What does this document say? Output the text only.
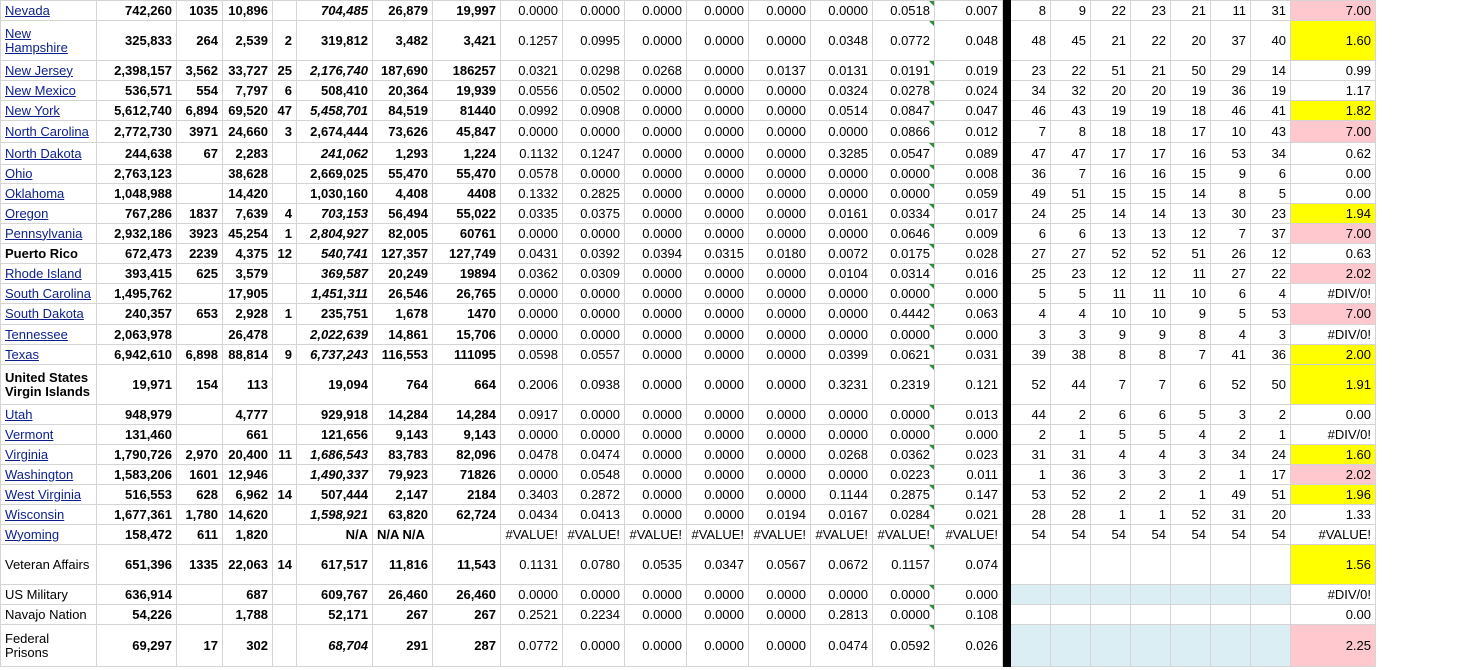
Nevada	742,260	1035	10,896		704,485	26,879	19,997	0.0000	0.0000	0.0000	0.0000	0.0000	0.0000	0.0518	0.007		8	9	22	23	21	11	31	7.00
New Hampshire	325,833	264	2,539	2	319,812	3,482	3,421	0.1257	0.0995	0.0000	0.0000	0.0000	0.0348	0.0772	0.048		48	45	21	22	20	37	40	1.60
New Jersey	2,398,157	3,562	33,727	25	2,176,740	187,690	186257	0.0321	0.0298	0.0268	0.0000	0.0137	0.0131	0.0191	0.019		23	22	51	21	50	29	14	0.99
New Mexico	536,571	554	7,797	6	508,410	20,364	19,939	0.0556	0.0502	0.0000	0.0000	0.0000	0.0324	0.0278	0.024		34	32	20	20	19	36	19	1.17
New York	5,612,740	6,894	69,520	47	5,458,701	84,519	81440	0.0992	0.0908	0.0000	0.0000	0.0000	0.0514	0.0847	0.047		46	43	19	19	18	46	41	1.82
North Carolina	2,772,730	3971	24,660	3	2,674,444	73,626	45,847	0.0000	0.0000	0.0000	0.0000	0.0000	0.0000	0.0866	0.012		7	8	18	18	17	10	43	7.00
North Dakota	244,638	67	2,283		241,062	1,293	1,224	0.1132	0.1247	0.0000	0.0000	0.0000	0.3285	0.0547	0.089		47	47	17	17	16	53	34	0.62
Ohio	2,763,123		38,628		2,669,025	55,470	55,470	0.0578	0.0000	0.0000	0.0000	0.0000	0.0000	0.0000	0.008		36	7	16	16	15	9	6	0.00
Oklahoma	1,048,988		14,420		1,030,160	4,408	4408	0.1332	0.2825	0.0000	0.0000	0.0000	0.0000	0.0000	0.059		49	51	15	15	14	8	5	0.00
Oregon	767,286	1837	7,639	4	703,153	56,494	55,022	0.0335	0.0375	0.0000	0.0000	0.0000	0.0161	0.0334	0.017		24	25	14	14	13	30	23	1.94
Pennsylvania	2,932,186	3923	45,254	1	2,804,927	82,005	60761	0.0000	0.0000	0.0000	0.0000	0.0000	0.0000	0.0646	0.009		6	6	13	13	12	7	37	7.00
Puerto Rico	672,473	2239	4,375	12	540,741	127,357	127,749	0.0431	0.0392	0.0394	0.0315	0.0180	0.0072	0.0175	0.028		27	27	52	52	51	26	12	0.63
Rhode Island	393,415	625	3,579		369,587	20,249	19894	0.0362	0.0309	0.0000	0.0000	0.0000	0.0104	0.0314	0.016		25	23	12	12	11	27	22	2.02
South Carolina	1,495,762		17,905		1,451,311	26,546	26,765	0.0000	0.0000	0.0000	0.0000	0.0000	0.0000	0.0000	0.000		5	5	11	11	10	6	4	#DIV/0!
South Dakota	240,357	653	2,928	1	235,751	1,678	1470	0.0000	0.0000	0.0000	0.0000	0.0000	0.0000	0.4442	0.063		4	4	10	10	9	5	53	7.00
Tennessee	2,063,978		26,478		2,022,639	14,861	15,706	0.0000	0.0000	0.0000	0.0000	0.0000	0.0000	0.0000	0.000		3	3	9	9	8	4	3	#DIV/0!
Texas	6,942,610	6,898	88,814	9	6,737,243	116,553	111095	0.0598	0.0557	0.0000	0.0000	0.0000	0.0399	0.0621	0.031		39	38	8	8	7	41	36	2.00
United States Virgin Islands	19,971	154	113		19,094	764	664	0.2006	0.0938	0.0000	0.0000	0.0000	0.3231	0.2319	0.121		52	44	7	7	6	52	50	1.91
Utah	948,979		4,777		929,918	14,284	14,284	0.0917	0.0000	0.0000	0.0000	0.0000	0.0000	0.0000	0.013		44	2	6	6	5	3	2	0.00
Vermont	131,460		661		121,656	9,143	9,143	0.0000	0.0000	0.0000	0.0000	0.0000	0.0000	0.0000	0.000		2	1	5	5	4	2	1	#DIV/0!
Virginia	1,790,726	2,970	20,400	11	1,686,543	83,783	82,096	0.0478	0.0474	0.0000	0.0000	0.0000	0.0268	0.0362	0.023		31	31	4	4	3	34	24	1.60
Washington	1,583,206	1601	12,946		1,490,337	79,923	71826	0.0000	0.0548	0.0000	0.0000	0.0000	0.0000	0.0223	0.011		1	36	3	3	2	1	17	2.02
West Virginia	516,553	628	6,962	14	507,444	2,147	2184	0.3403	0.2872	0.0000	0.0000	0.0000	0.1144	0.2875	0.147		53	52	2	2	1	49	51	1.96
Wisconsin	1,677,361	1,780	14,620		1,598,921	63,820	62,724	0.0434	0.0413	0.0000	0.0000	0.0194	0.0167	0.0284	0.021		28	28	1	1	52	31	20	1.33
Wyoming	158,472	611	1,820		N/A	N/A N/A		#VALUE!	#VALUE!	#VALUE!	#VALUE!	#VALUE!	#VALUE!	#VALUE!	#VALUE!		54	54	54	54	54	54	54	#VALUE!
Veteran Affairs	651,396	1335	22,063	14	617,517	11,816	11,543	0.1131	0.0780	0.0535	0.0347	0.0567	0.0672	0.1157	0.074									1.56
US Military	636,914		687		609,767	26,460	26,460	0.0000	0.0000	0.0000	0.0000	0.0000	0.0000	0.0000	0.000									#DIV/0!
Navajo Nation	54,226		1,788		52,171	267	267	0.2521	0.2234	0.0000	0.0000	0.0000	0.2813	0.0000	0.108									0.00
Federal Prisons	69,297	17	302		68,704	291	287	0.0772	0.0000	0.0000	0.0000	0.0000	0.0474	0.0592	0.026									2.25
